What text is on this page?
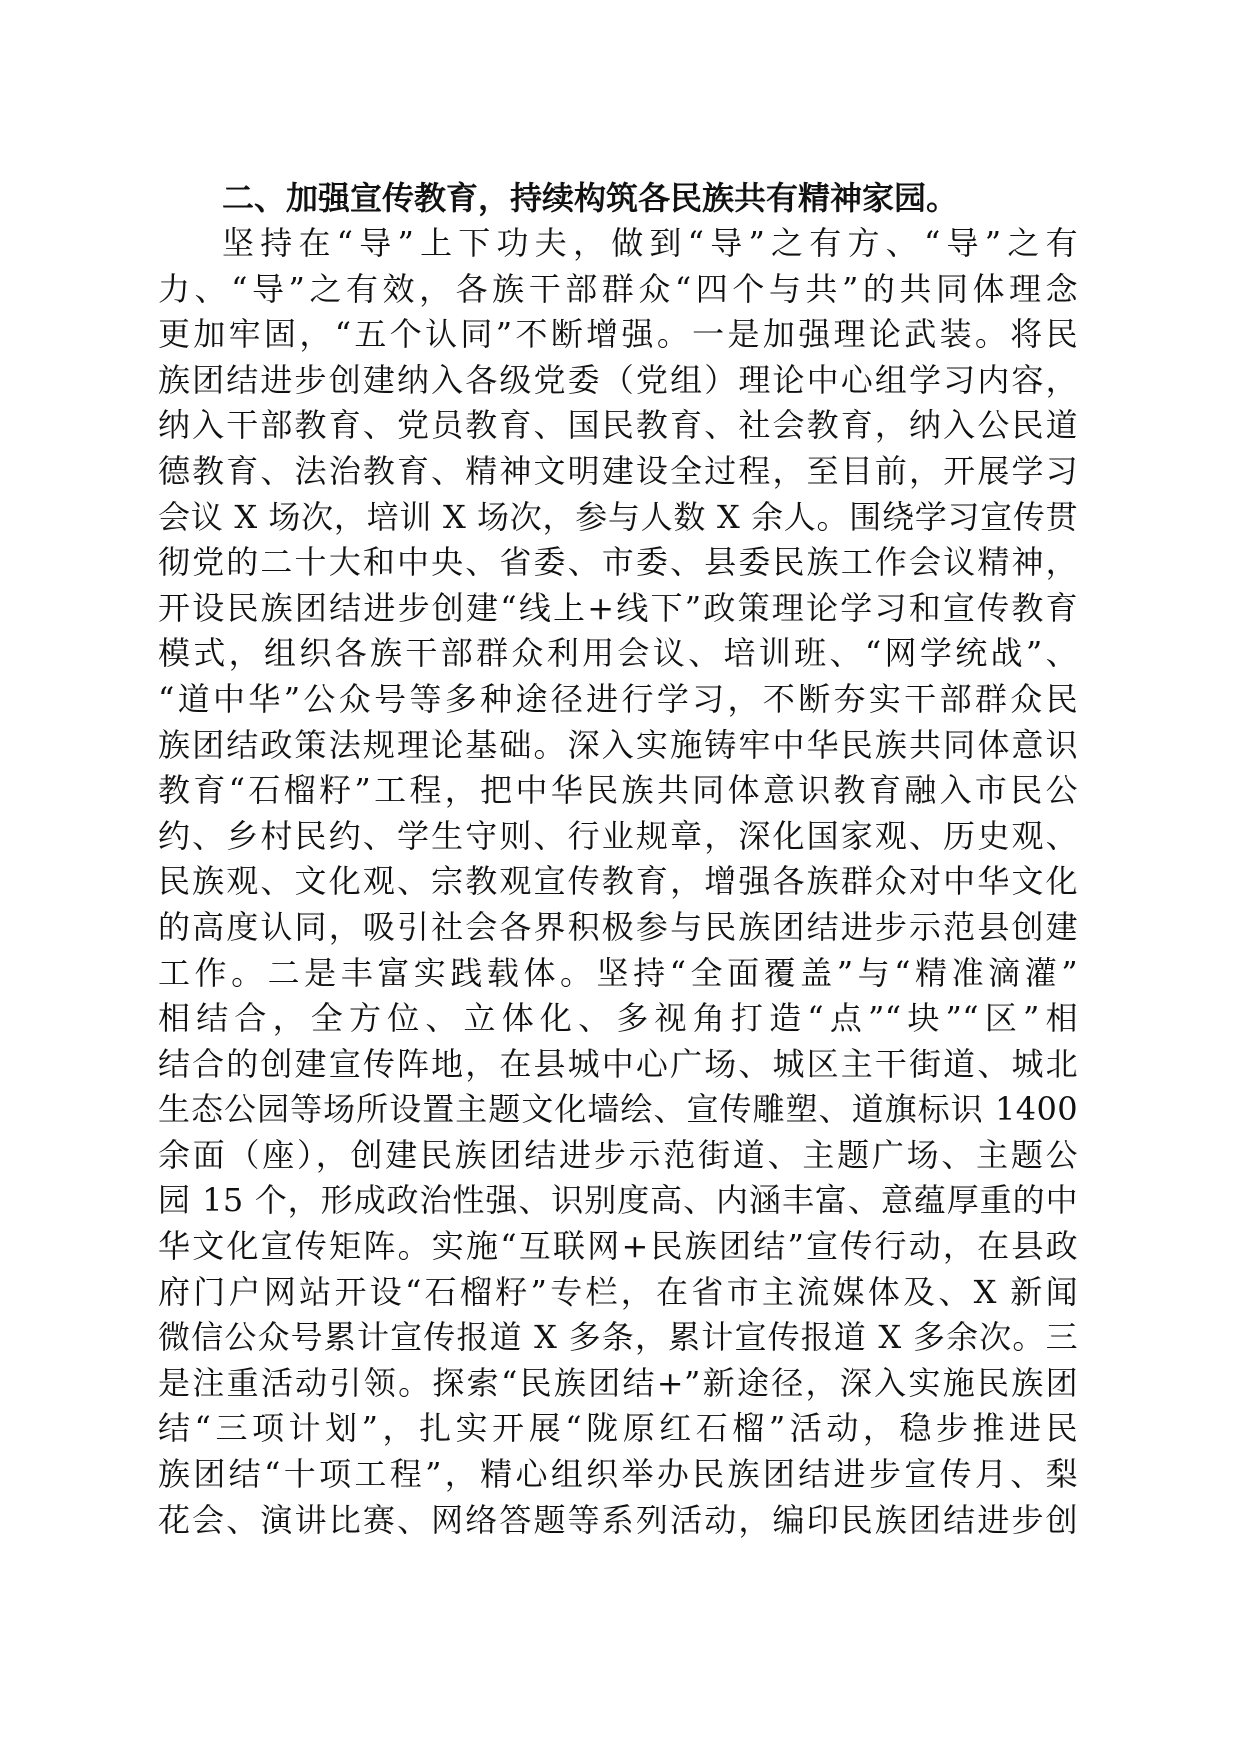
二、加强宣传教育，持续构筑各民族共有精神家园。

坚持在“导”上下功夫，做到“导”之有方、“导”之有
力、“导”之有效，各族干部群众“四个与共”的共同体理念
更加牢固，“五个认同”不断增强。一是加强理论武装。将民
族团结进步创建纳入各级党委（党组）理论中心组学习内容，
纳入干部教育、党员教育、国民教育、社会教育，纳入公民道
德教育、法治教育、精神文明建设全过程，至目前，开展学习
会议 X 场次，培训 X 场次，参与人数 X 余人。围绕学习宣传贯
彻党的二十大和中央、省委、市委、县委民族工作会议精神，
开设民族团结进步创建“线上+线下”政策理论学习和宣传教育
模式，组织各族干部群众利用会议、培训班、“网学统战”、
“道中华”公众号等多种途径进行学习，不断夯实干部群众民
族团结政策法规理论基础。深入实施铸牢中华民族共同体意识
教育“石榴籽”工程，把中华民族共同体意识教育融入市民公
约、乡村民约、学生守则、行业规章，深化国家观、历史观、
民族观、文化观、宗教观宣传教育，增强各族群众对中华文化
的高度认同，吸引社会各界积极参与民族团结进步示范县创建
工作。二是丰富实践载体。坚持“全面覆盖”与“精准滴灌”
相结合，全方位、立体化、多视角打造“点”“块”“区”相
结合的创建宣传阵地，在县城中心广场、城区主干街道、城北
生态公园等场所设置主题文化墙绘、宣传雕塑、道旗标识 1400
余面（座），创建民族团结进步示范街道、主题广场、主题公
园 15 个，形成政治性强、识别度高、内涵丰富、意蕴厚重的中
华文化宣传矩阵。实施“互联网+民族团结”宣传行动，在县政
府门户网站开设“石榴籽”专栏，在省市主流媒体及、X 新闻
微信公众号累计宣传报道 X 多条，累计宣传报道 X 多余次。三
是注重活动引领。探索“民族团结+”新途径，深入实施民族团
结“三项计划”，扎实开展“陇原红石榴”活动，稳步推进民
族团结“十项工程”，精心组织举办民族团结进步宣传月、梨
花会、演讲比赛、网络答题等系列活动，编印民族团结进步创
